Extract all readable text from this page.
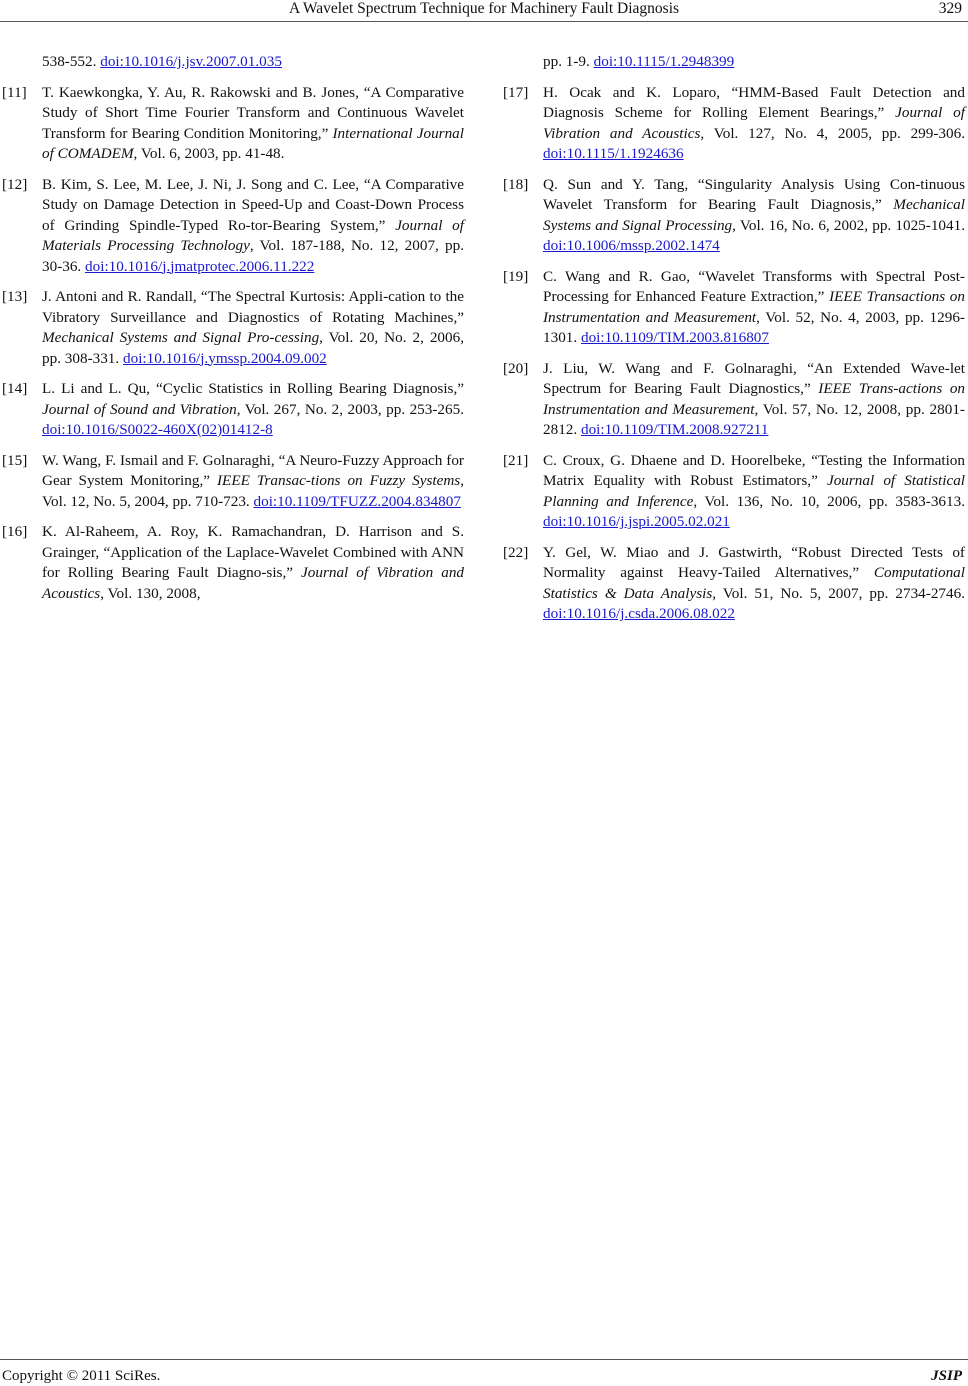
A Wavelet Spectrum Technique for Machinery Fault Diagnosis	329
538-552. doi:10.1016/j.jsv.2007.01.035
[11] T. Kaewkongka, Y. Au, R. Rakowski and B. Jones, “A Comparative Study of Short Time Fourier Transform and Continuous Wavelet Transform for Bearing Condition Monitoring,” International Journal of COMADEM, Vol. 6, 2003, pp. 41-48.
[12] B. Kim, S. Lee, M. Lee, J. Ni, J. Song and C. Lee, “A Comparative Study on Damage Detection in Speed-Up and Coast-Down Process of Grinding Spindle-Typed Ro-tor-Bearing System,” Journal of Materials Processing Technology, Vol. 187-188, No. 12, 2007, pp. 30-36. doi:10.1016/j.jmatprotec.2006.11.222
[13] J. Antoni and R. Randall, “The Spectral Kurtosis: Appli-cation to the Vibratory Surveillance and Diagnostics of Rotating Machines,” Mechanical Systems and Signal Pro-cessing, Vol. 20, No. 2, 2006, pp. 308-331. doi:10.1016/j.ymssp.2004.09.002
[14] L. Li and L. Qu, “Cyclic Statistics in Rolling Bearing Diagnosis,” Journal of Sound and Vibration, Vol. 267, No. 2, 2003, pp. 253-265. doi:10.1016/S0022-460X(02)01412-8
[15] W. Wang, F. Ismail and F. Golnaraghi, “A Neuro-Fuzzy Approach for Gear System Monitoring,” IEEE Transac-tions on Fuzzy Systems, Vol. 12, No. 5, 2004, pp. 710-723. doi:10.1109/TFUZZ.2004.834807
[16] K. Al-Raheem, A. Roy, K. Ramachandran, D. Harrison and S. Grainger, “Application of the Laplace-Wavelet Combined with ANN for Rolling Bearing Fault Diagno-sis,” Journal of Vibration and Acoustics, Vol. 130, 2008,
pp. 1-9. doi:10.1115/1.2948399
[17] H. Ocak and K. Loparo, “HMM-Based Fault Detection and Diagnosis Scheme for Rolling Element Bearings,” Journal of Vibration and Acoustics, Vol. 127, No. 4, 2005, pp. 299-306. doi:10.1115/1.1924636
[18] Q. Sun and Y. Tang, “Singularity Analysis Using Con-tinuous Wavelet Transform for Bearing Fault Diagnosis,” Mechanical Systems and Signal Processing, Vol. 16, No. 6, 2002, pp. 1025-1041. doi:10.1006/mssp.2002.1474
[19] C. Wang and R. Gao, “Wavelet Transforms with Spectral Post-Processing for Enhanced Feature Extraction,” IEEE Transactions on Instrumentation and Measurement, Vol. 52, No. 4, 2003, pp. 1296-1301. doi:10.1109/TIM.2003.816807
[20] J. Liu, W. Wang and F. Golnaraghi, “An Extended Wave-let Spectrum for Bearing Fault Diagnostics,” IEEE Trans-actions on Instrumentation and Measurement, Vol. 57, No. 12, 2008, pp. 2801-2812. doi:10.1109/TIM.2008.927211
[21] C. Croux, G. Dhaene and D. Hoorelbeke, “Testing the Information Matrix Equality with Robust Estimators,” Journal of Statistical Planning and Inference, Vol. 136, No. 10, 2006, pp. 3583-3613. doi:10.1016/j.jspi.2005.02.021
[22] Y. Gel, W. Miao and J. Gastwirth, “Robust Directed Tests of Normality against Heavy-Tailed Alternatives,” Computational Statistics & Data Analysis, Vol. 51, No. 5, 2007, pp. 2734-2746. doi:10.1016/j.csda.2006.08.022
Copyright © 2011 SciRes.	JSIP
